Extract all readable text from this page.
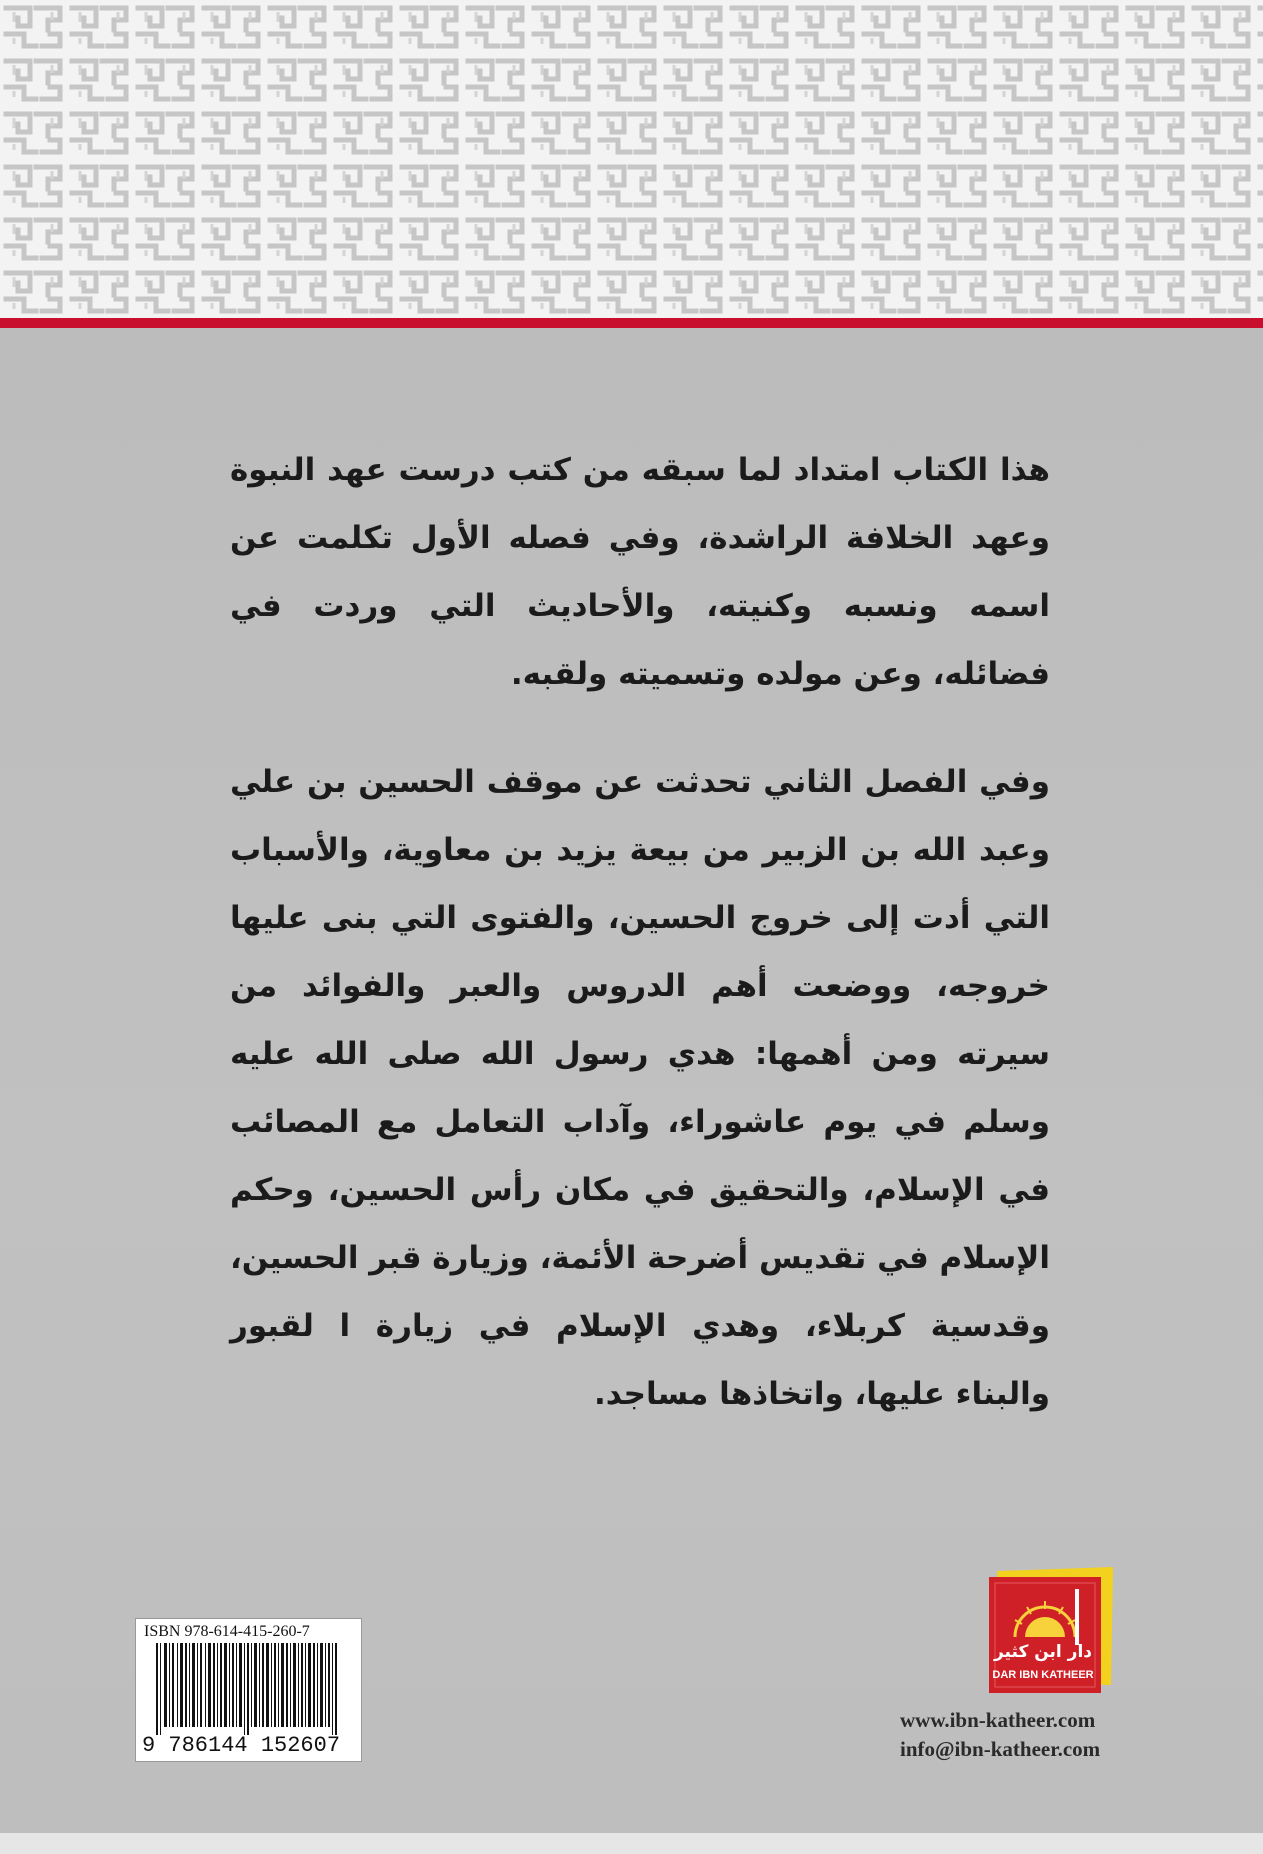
هذا الكتاب امتداد لما سبقه من كتب درست عهد النبوة وعهد الخلافة الراشدة، وفي فصله الأول تكلمت عن اسمه ونسبه وكنيته، والأحاديث التي وردت في فضائله، وعن مولده وتسميته ولقبه.

وفي الفصل الثاني تحدثت عن موقف الحسين بن علي وعبد الله بن الزبير من بيعة يزيد بن معاوية، والأسباب التي أدت إلى خروج الحسين، والفتوى التي بنى عليها خروجه، ووضعت أهم الدروس والعبر والفوائد من سيرته ومن أهمها: هدي رسول الله صلى الله عليه وسلم في يوم عاشوراء، وآداب التعامل مع المصائب في الإسلام، والتحقيق في مكان رأس الحسين، وحكم الإسلام في تقديس أضرحة الأئمة، وزيارة قبر الحسين، وقدسية كربلاء، وهدي الإسلام في زيارة ا لقبور والبناء عليها، واتخاذها مساجد.

ISBN 978-614-415-260-7
9 786144 152607
دار ابن كثير
DAR IBN KATHEER
www.ibn-katheer.com
info@ibn-katheer.com
